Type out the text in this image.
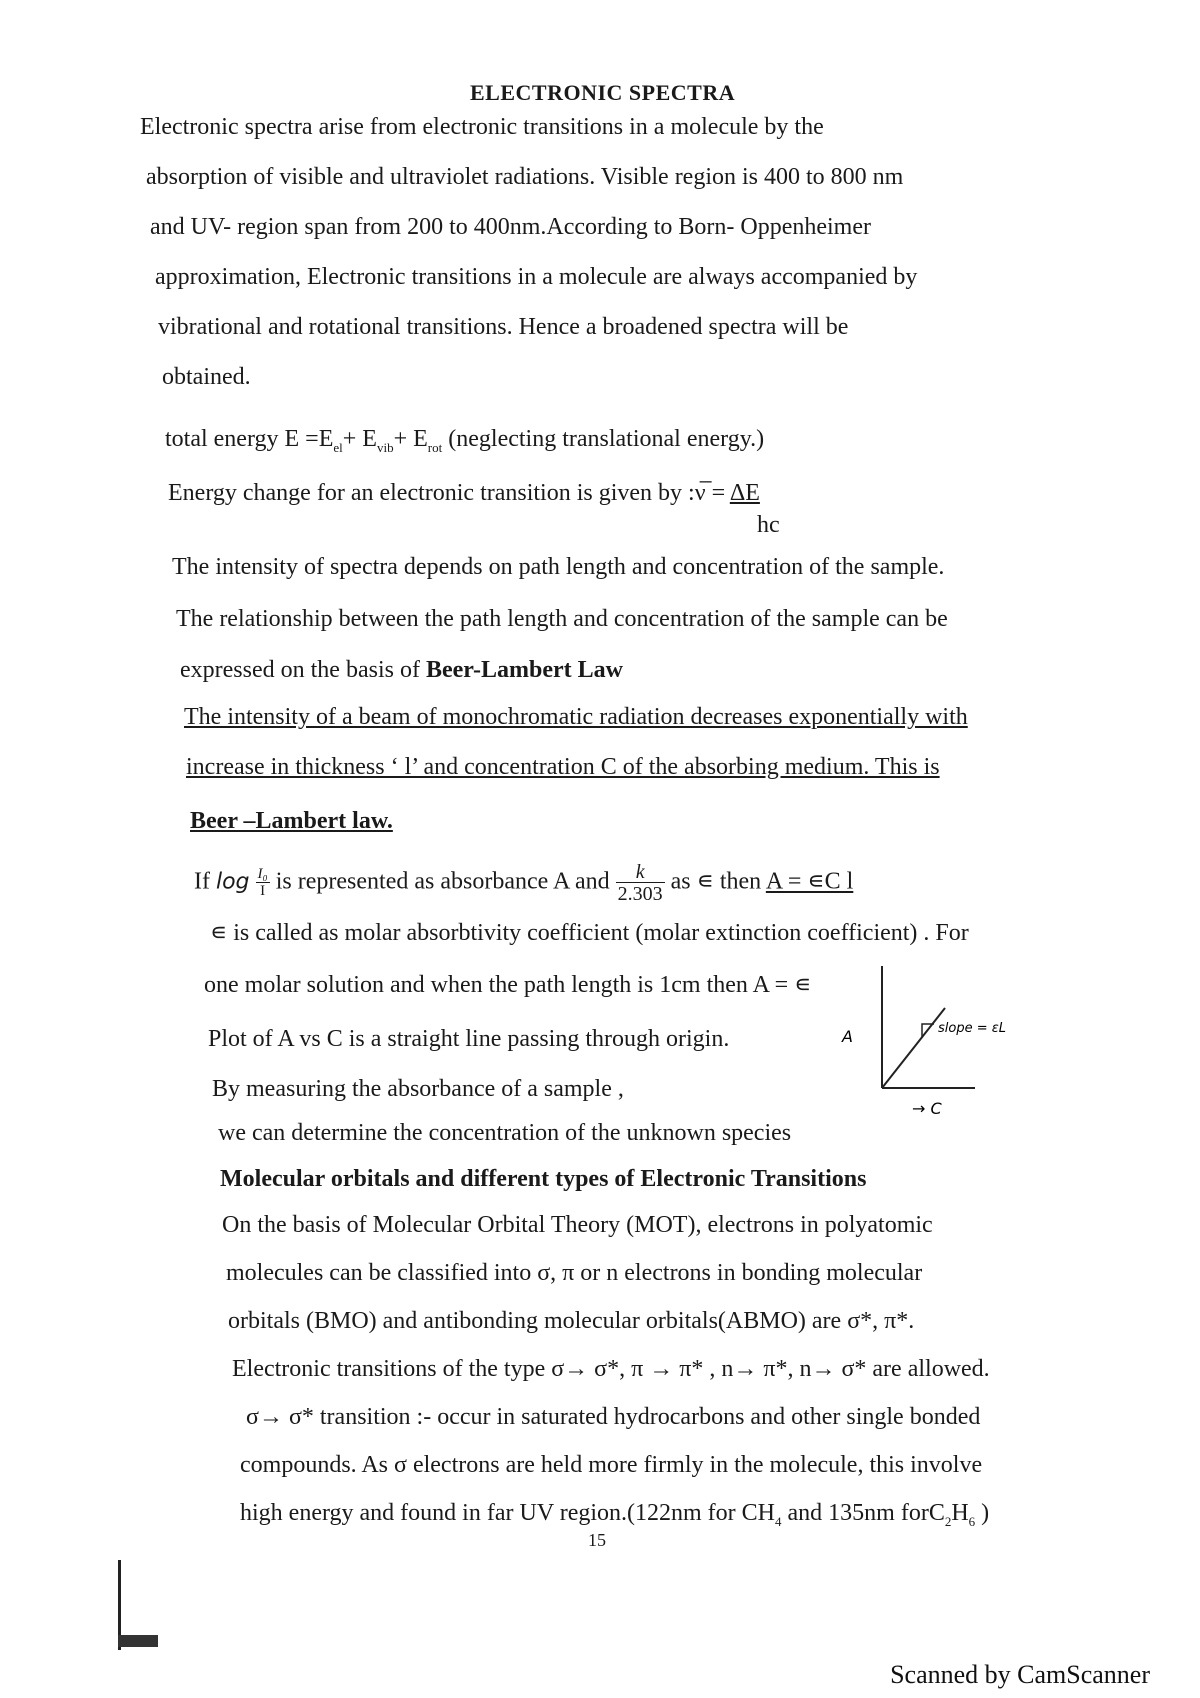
ELECTRONIC SPECTRA
Electronic spectra arise from electronic transitions in a molecule by the
absorption of visible and ultraviolet radiations. Visible region is 400 to 800 nm
and UV- region span from 200 to 400nm.According to Born- Oppenheimer
approximation, Electronic transitions in a molecule are always accompanied by
vibrational and rotational transitions. Hence a broadened spectra will be
obtained.
total energy $E =E_{el}+ E_{vib}+ E_{rot}$ (neglecting translational energy.)
Energy change for an electronic transition is given by :ν̅ = ΔE
hc
The intensity of spectra depends on path length and concentration of the sample.
The relationship between the path length and concentration of the sample can be
expressed on the basis of Beer-Lambert Law
The intensity of a beam of monochromatic radiation decreases exponentially with
increase in thickness ‘ l’ and concentration C of the absorbing medium. This is
Beer –Lambert law.
If $\log \frac{\text{I₀}}{I}$ is represented as absorbance A and $\frac{k}{2.303}$ as ∊ then A = ∊C l
∊ is called as molar absorbtivity coefficient (molar extinction coefficient) . For
one molar solution and when the path length is 1cm then A = ∊
Plot of A vs C is a straight line passing through origin.
By measuring the absorbance of a sample ,
we can determine the concentration of the unknown species
A	slope = εL
→ C
Molecular orbitals and different types of Electronic Transitions
On the basis of Molecular Orbital Theory (MOT), electrons in polyatomic
molecules can be classified into σ, π or n electrons in bonding molecular
orbitals (BMO) and antibonding molecular orbitals(ABMO) are σ*, π*.
Electronic transitions of the type σ→ σ*, π → π* , n→ π*, n→ σ* are allowed.
σ→ σ* transition :- occur in saturated hydrocarbons and other single bonded
compounds. As σ electrons are held more firmly in the molecule, this involve
high energy and found in far UV region.(122nm for $CH_4$ and 135nm $forC_2H_6$ )
15
Scanned by CamScanner
